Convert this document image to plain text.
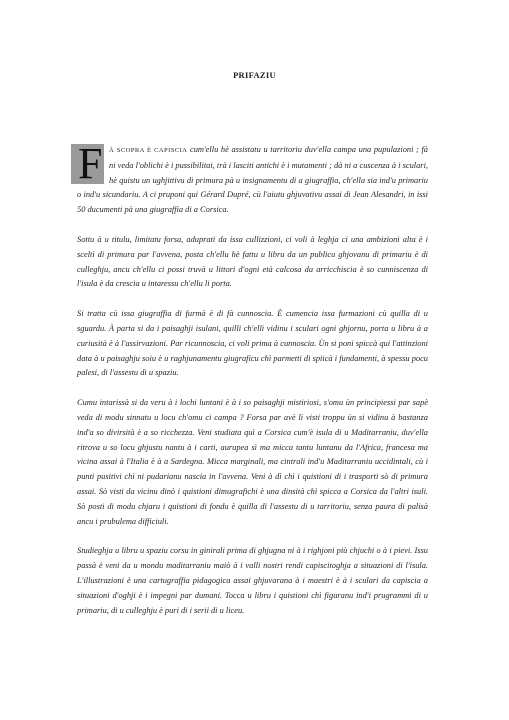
PRIFAZIU

F À SCOPRA È CAPISCIA cum'ellu hè assistatu u tarritoriu duv'ella campa una pupulazioni ; fà ni veda l'oblichi è i pussibilitai, trà i lasciti antichi è i mutamenti ; dà ni a cuscenza à i sculari, hè quistu un ughjittivu di primura pà u insignamentu di a giugraffia, ch'ella sia ind'u primariu o ind'u sicundariu. A ci pruponi qui Gérard Dupré, cù l'aiutu ghjuvativu assai di Jean Alesandri, in issi 50 ducumenti pà una giugraffia di a Corsica.

Sottu à u titulu, limitatu forsa, aduprati da issa cullizzioni, ci voli à leghja ci una ambizioni alta è i sceltì di primura par l'avvena, posta ch'ellu hè fattu u libru da un publicu ghjovanu di primariu è di culleghju, ancu ch'ellu ci possi truvà u littori d'ogni età calcosa da arricchiscia è so cunniscenza di l'isula è da crescia u intaressu ch'ellu li porta.

Si tratta cù issa giugraffia di furmà è di fà cunnoscia. È cumencia issa furmazioni cù quilla di u sguardu. À parta si da i paisaghji isulani, quilli ch'elli vidinu i sculari ogni ghjornu, porta u libru à a curiusità è à l'assirvazioni. Par ricunnoscia, ci voli prima à cunnoscia. Ùn si poni spiccà qui l'attinzioni data à u paisaghju soiu è u raghjunamentu giugraficu chì parmetti di spiicà i fundamenti, à spessu pocu palesi, di l'assestu di u spaziu.

Cumu intarissà si da veru à i lochi luntani è à i so paisaghji mistiriosi, s'omu ùn principiessi par sapè veda di modu sinnatu u locu ch'omu ci campa ? Forsa par avè lì visti troppu ùn si vidinu à bastanza ind'a so divirsità è a so ricchezza. Veni studiata quì a Corsica cum'è isula di u Maditarraniu, duv'ella ritrova u so locu ghjustu nantu à i carti, aurupea sì ma micca tantu luntanu da l'Africa, francesa ma vicina assai à l'Italia è à a Sardegna. Micca marginali, ma cintrali ind'u Maditarraniu uccidintali, cù i punti pusitivi chì ni pudarianu nascia in l'avvena. Veni à dì chì i quistioni di i trasporti sò di primura assai. Sò visti da vicinu dinò i quistioni dimugrafichi è una dinsità chì spicca a Corsica da l'altri isuli. Sò posti di modu chjaru i quistioni di fondu è quilla di l'assestu di u tarritoriu, senza paura di palisà ancu i prubulema difficiuli.

Studieghja u libru u spaziu corsu in ginirali prima di ghjugna ni à i righjoni più chjuchi o à i pievi. Issu passà è veni da u mondu maditarraniu maiò à i valli nostri rendi capiscitoghja a situazioni di l'isula. L'illustrazioni è una cartugraffia pidagogica assai ghjuvarana à i maestri è à i sculari da capiscia a situazioni d'oghji è i impegni par dumani. Tocca u libru i quistioni chì figuranu ind'i prugrammi di u primariu, di u culleghju è puri di i serii di u liceu.
